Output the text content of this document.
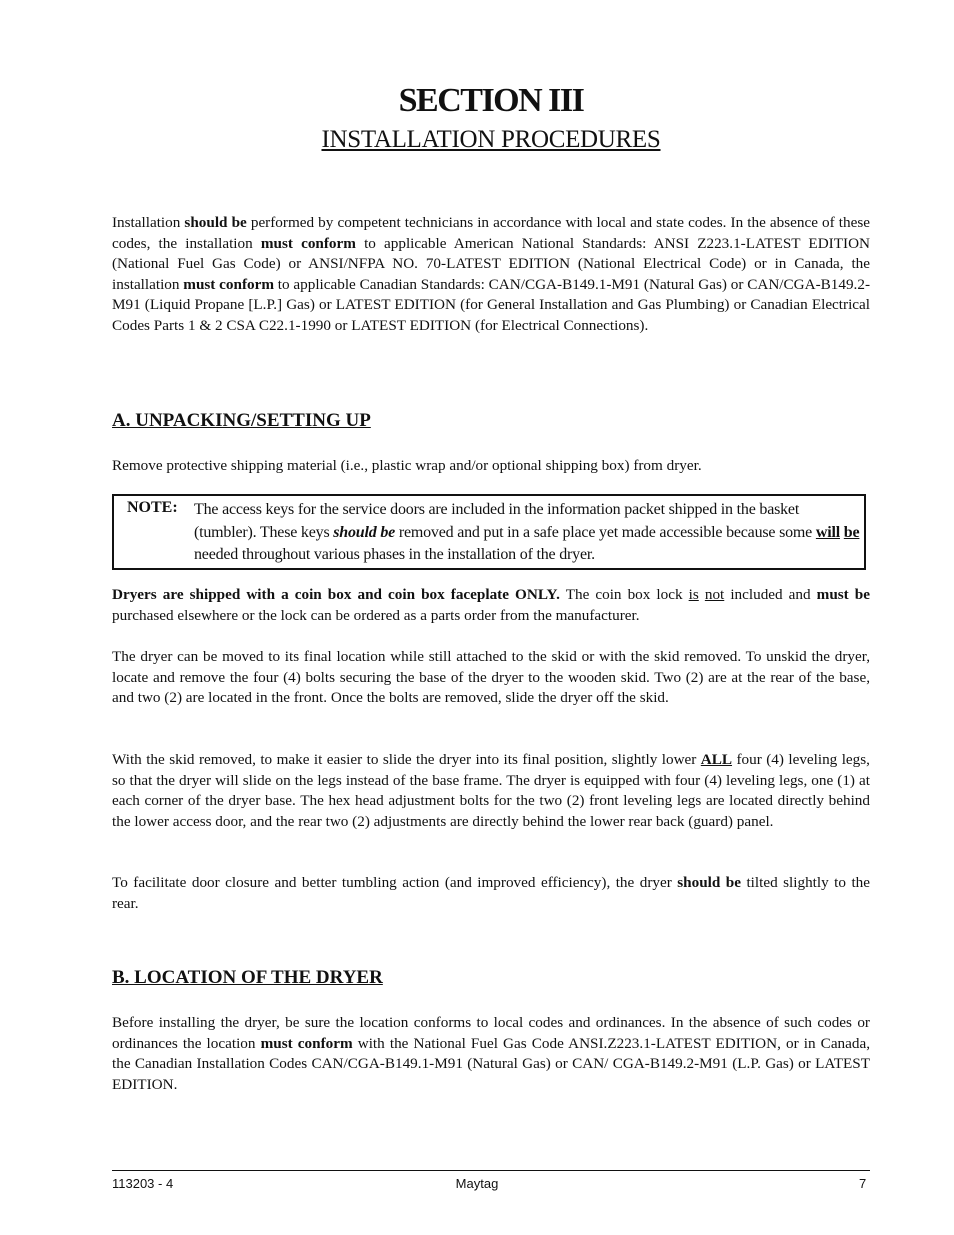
SECTION III
INSTALLATION PROCEDURES

Installation should be performed by competent technicians in accordance with local and state codes. In the absence of these codes, the installation must conform to applicable American National Standards: ANSI Z223.1-LATEST EDITION (National Fuel Gas Code) or ANSI/NFPA NO. 70-LATEST EDITION (National Electrical Code) or in Canada, the installation must conform to applicable Canadian Standards: CAN/CGA-B149.1-M91 (Natural Gas) or CAN/CGA-B149.2-M91 (Liquid Propane [L.P.] Gas) or LATEST EDITION (for General Installation and Gas Plumbing) or Canadian Electrical Codes Parts 1 & 2 CSA C22.1-1990 or LATEST EDITION (for Electrical Connections).

A. UNPACKING/SETTING UP

Remove protective shipping material (i.e., plastic wrap and/or optional shipping box) from dryer.

NOTE: The access keys for the service doors are included in the information packet shipped in the basket (tumbler). These keys should be removed and put in a safe place yet made accessible because some will be needed throughout various phases in the installation of the dryer.

Dryers are shipped with a coin box and coin box faceplate ONLY. The coin box lock is not included and must be purchased elsewhere or the lock can be ordered as a parts order from the manufacturer.

The dryer can be moved to its final location while still attached to the skid or with the skid removed. To unskid the dryer, locate and remove the four (4) bolts securing the base of the dryer to the wooden skid. Two (2) are at the rear of the base, and two (2) are located in the front. Once the bolts are removed, slide the dryer off the skid.

With the skid removed, to make it easier to slide the dryer into its final position, slightly lower ALL four (4) leveling legs, so that the dryer will slide on the legs instead of the base frame. The dryer is equipped with four (4) leveling legs, one (1) at each corner of the dryer base. The hex head adjustment bolts for the two (2) front leveling legs are located directly behind the lower access door, and the rear two (2) adjustments are directly behind the lower rear back (guard) panel.

To facilitate door closure and better tumbling action (and improved efficiency), the dryer should be tilted slightly to the rear.

B. LOCATION OF THE DRYER

Before installing the dryer, be sure the location conforms to local codes and ordinances. In the absence of such codes or ordinances the location must conform with the National Fuel Gas Code ANSI.Z223.1-LATEST EDITION, or in Canada, the Canadian Installation Codes CAN/CGA-B149.1-M91 (Natural Gas) or CAN/ CGA-B149.2-M91 (L.P. Gas) or LATEST EDITION.

113203 - 4	Maytag	7
